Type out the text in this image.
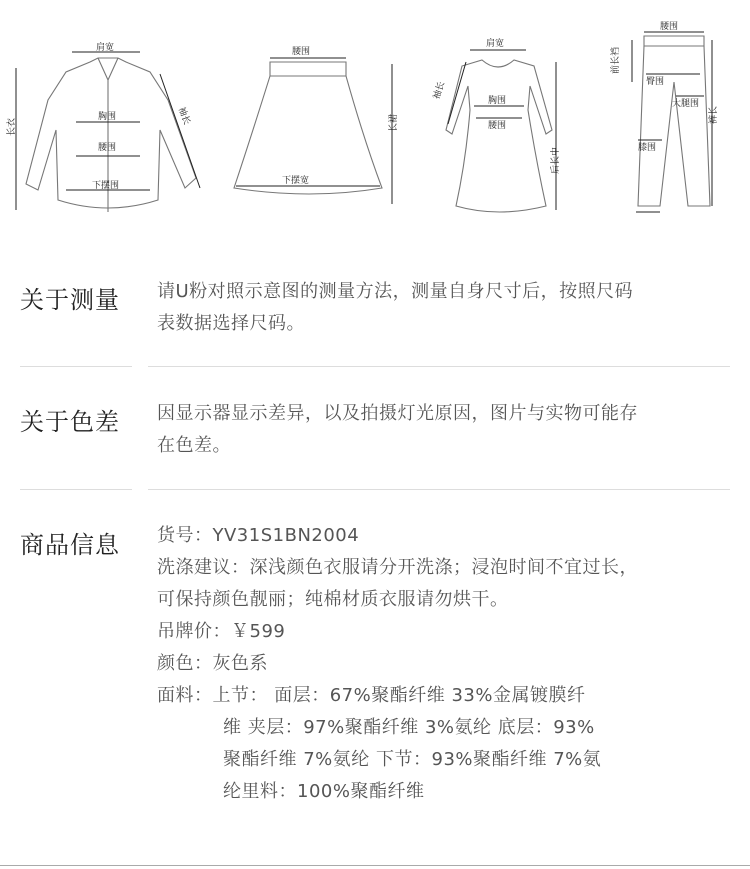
肩宽
胸围
腰围
下摆围
长衣
袖长
腰围
下摆宽
长裙
肩宽
胸围
腰围
袖长
后长中
腰围
前长裆
臀围
大腿围
膝围
裤长
关于测量 请U粉对照示意图的测量方法，测量自身尺寸后，按照尺码
表数据选择尺码。
关于色差 因显示器显示差异，以及拍摄灯光原因，图片与实物可能存
在色差。
商品信息 货号：YV31S1BN2004
洗涤建议：深浅颜色衣服请分开洗涤；浸泡时间不宜过长，
可保持颜色靓丽；纯棉材质衣服请勿烘干。
吊牌价：￥599
颜色：灰色系
面料：上节： 面层：67%聚酯纤维 33%金属镀膜纤
维 夹层：97%聚酯纤维 3%氨纶 底层：93%
聚酯纤维 7%氨纶 下节：93%聚酯纤维 7%氨
纶里料：100%聚酯纤维
